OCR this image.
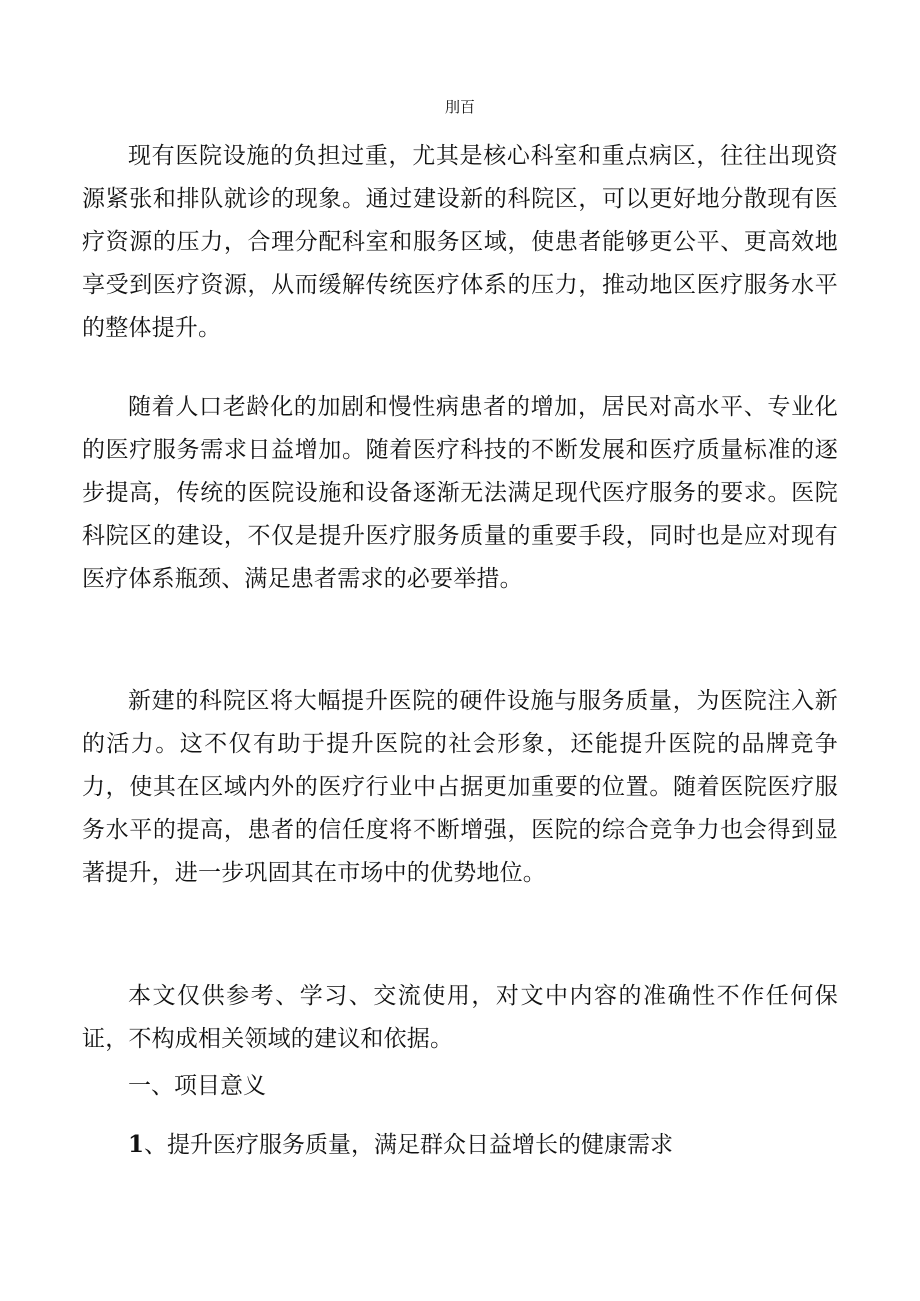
刖百

现有医院设施的负担过重，尤其是核心科室和重点病区，往往出现资源紧张和排队就诊的现象。通过建设新的科院区，可以更好地分散现有医疗资源的压力，合理分配科室和服务区域，使患者能够更公平、更高效地享受到医疗资源，从而缓解传统医疗体系的压力，推动地区医疗服务水平的整体提升。

随着人口老龄化的加剧和慢性病患者的增加，居民对高水平、专业化的医疗服务需求日益增加。随着医疗科技的不断发展和医疗质量标准的逐步提高，传统的医院设施和设备逐渐无法满足现代医疗服务的要求。医院科院区的建设，不仅是提升医疗服务质量的重要手段，同时也是应对现有医疗体系瓶颈、满足患者需求的必要举措。

新建的科院区将大幅提升医院的硬件设施与服务质量，为医院注入新的活力。这不仅有助于提升医院的社会形象，还能提升医院的品牌竞争力，使其在区域内外的医疗行业中占据更加重要的位置。随着医院医疗服务水平的提高，患者的信任度将不断增强，医院的综合竞争力也会得到显著提升，进一步巩固其在市场中的优势地位。

本文仅供参考、学习、交流使用，对文中内容的准确性不作任何保证，不构成相关领域的建议和依据。

一、项目意义
1、提升医疗服务质量，满足群众日益增长的健康需求
